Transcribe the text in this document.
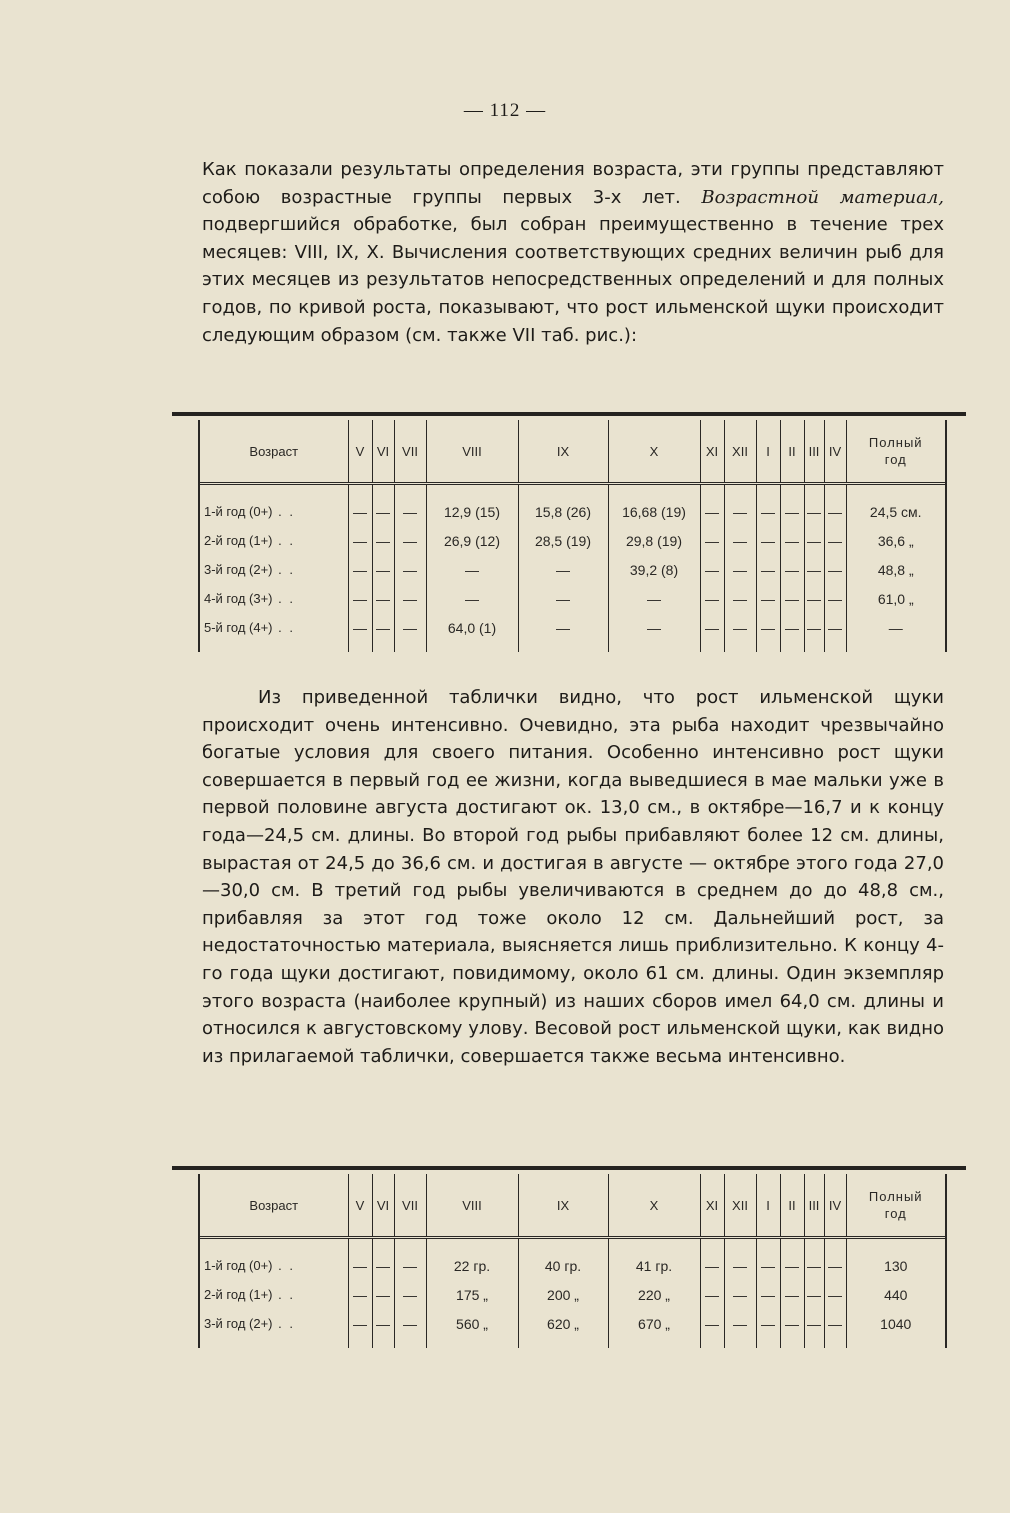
— 112 —

Как показали результаты определения возраста, эти группы представляют собою возрастные группы первых 3-х лет. Возрастной материал, подвергшийся обработке, был собран преимущественно в течение трех месяцев: VIII, IX, X. Вычисления соответствующих средних величин рыб для этих месяцев из результатов непосредственных определений и для полных годов, по кривой роста, показывают, что рост ильменской щуки происходит следующим образом (см. также VII таб. рис.):

Возраст	V	VI	VII	VIII	IX	X	XI	XII	I	II	III	IV	Полный
год

1-й год (0+) . .	—	—	—	12,9 (15)	15,8 (26)	16,68 (19)	—	—	—	—	—	—	24,5 см.
2-й год (1+) . .	—	—	—	26,9 (12)	28,5 (19)	29,8 (19)	—	—	—	—	—	—	36,6 „
3-й год (2+) . .	—	—	—	—	—	39,2 (8)	—	—	—	—	—	—	48,8 „
4-й год (3+) . .	—	—	—	—	—	—	—	—	—	—	—	—	61,0 „
5-й год (4+) . .	—	—	—	64,0 (1)	—	—	—	—	—	—	—	—	—

Из приведенной таблички видно, что рост ильменской щуки происходит очень интенсивно. Очевидно, эта рыба находит чрезвычайно богатые условия для своего питания. Особенно интенсивно рост щуки совершается в первый год ее жизни, когда выведшиеся в мае мальки уже в первой половине августа достигают ок. 13,0 см., в октябре—16,7 и к концу года—24,5 см. длины. Во второй год рыбы прибавляют более 12 см. длины, вырастая от 24,5 до 36,6 см. и достигая в августе — октябре этого года 27,0—30,0 см. В третий год рыбы увеличиваются в среднем до до 48,8 см., прибавляя за этот год тоже около 12 см. Дальнейший рост, за недостаточностью материала, выясняется лишь приблизительно. К концу 4-го года щуки достигают, повидимому, около 61 см. длины. Один экземпляр этого возраста (наиболее крупный) из наших сборов имел 64,0 см. длины и относился к августовскому улову. Весовой рост ильменской щуки, как видно из прилагаемой таблички, совершается также весьма интенсивно.

Возраст	V	VI	VII	VIII	IX	X	XI	XII	I	II	III	IV	Полный
год

1-й год (0+) . .	—	—	—	22 гр.	40 гр.	41 гр.	—	—	—	—	—	—	130
2-й год (1+) . .	—	—	—	175 „	200 „	220 „	—	—	—	—	—	—	440
3-й год (2+) . .	—	—	—	560 „	620 „	670 „	—	—	—	—	—	—	1040
